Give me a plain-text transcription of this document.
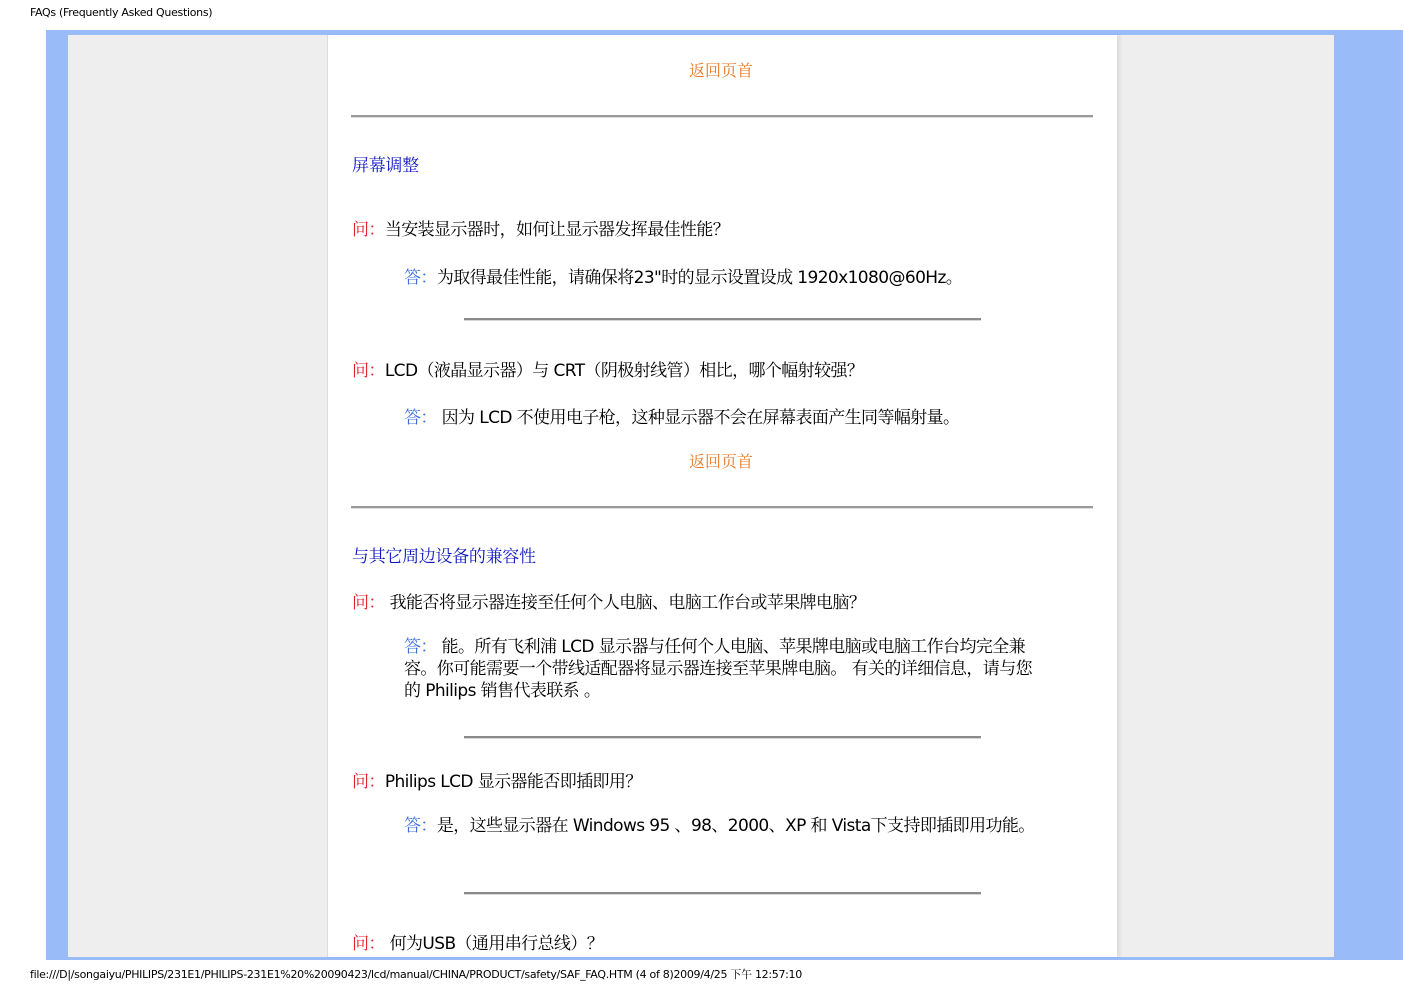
FAQs (Frequently Asked Questions)
返回页首
屏幕调整
问：当安装显示器时，如何让显示器发挥最佳性能？
答：为取得最佳性能，请确保将23"时的显示设置设成 1920x1080@60Hz。
问：LCD（液晶显示器）与 CRT（阴极射线管）相比，哪个幅射较强？
答： 因为 LCD 不使用电子枪，这种显示器不会在屏幕表面产生同等幅射量。
返回页首
与其它周边设备的兼容性
问： 我能否将显示器连接至任何个人电脑、电脑工作台或苹果牌电脑？
答： 能。所有飞利浦 LCD 显示器与任何个人电脑、苹果牌电脑或电脑工作台均完全兼容。你可能需要一个带线适配器将显示器连接至苹果牌电脑。 有关的详细信息，请与您的 Philips 销售代表联系 。
问：Philips LCD 显示器能否即插即用？
答：是，这些显示器在 Windows 95 、98、2000、XP 和 Vista下支持即插即用功能。
问： 何为USB（通用串行总线）？
file:///D|/songaiyu/PHILIPS/231E1/PHILIPS-231E1%20%20090423/lcd/manual/CHINA/PRODUCT/safety/SAF_FAQ.HTM (4 of 8)2009/4/25 下午 12:57:10
